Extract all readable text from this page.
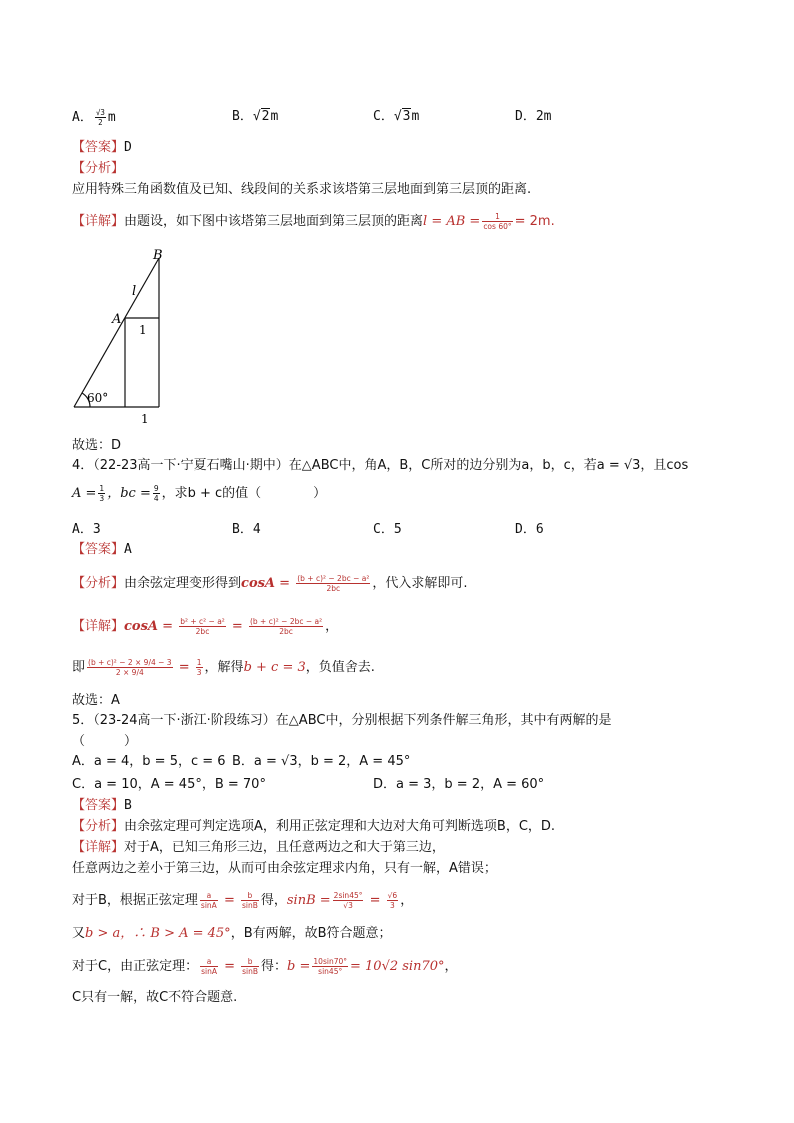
A． $\frac{√3}{2}$ m	B．√2m	C．√3m	D．2m
【答案】D
【分析】
应用特殊三角函数值及已知、线段间的关系求该塔第三层地面到第三层顶的距离.
【详解】由题设，如下图中该塔第三层地面到第三层顶的距离l = AB = $\frac{1}{\cos 60^\circ} = 2m$.
B
A
l
1
1
60°
故选：D
4．（22-23高一下·宁夏石嘴山·期中）在△ABC中，角A，B，C所对的边分别为a，b，c，若a = √3，且cos
$A = \frac{1}{3}$ ，bc = $\frac{9}{4}$ ，求b + c的值（　　　　）
A．3	B．4	C．5	D．6
【答案】A
【分析】由余弦定理变形得到$\cos A = \frac{\text{(b + c)² − 2bc − a²}}{2bc}$ ，代入求解即可.
【详解】$\cos A = \frac{\text{b² + c² − a²}}{2bc} = \frac{\text{(b + c)² − 2bc − a²}}{2bc}$ ，
即 $\frac{\text{(b + c)² − 2 × 9/4 − 3}}{2 \times 9/4} = \frac{1}{3}$ ，解得b + c = 3，负值舍去.
故选：A
5．（23-24高一下·浙江·阶段练习）在△ABC中，分别根据下列条件解三角形，其中有两解的是
（　　　）
A．a = 4，b = 5，c = 6 B．a = √3，b = 2，A = 45°
C．a = 10，A = 45°，B = 70°	D．a = 3，b = 2，A = 60°
【答案】B
【分析】由余弦定理可判定选项A，利用正弦定理和大边对大角可判断选项B，C，D.
【详解】对于A，已知三角形三边，且任意两边之和大于第三边，
任意两边之差小于第三边，从而可由余弦定理求内角，只有一解，A错误；
对于B，根据正弦定理 $\frac{a}{\sin A} = \frac{b}{\sin B}$ 得，$\sin B = \frac{2\sin 45^\circ}{√3} = \frac{√6}{3}$ ，
又b > a，∴ B > A = 45°，B有两解，故B符合题意；
对于C，由正弦定理： $\frac{a}{\sin A} = \frac{b}{\sin B}$ 得：$b = \frac{10\sin 70^\circ}{\sin 45^\circ} = 10√2$ sin70°，
C只有一解，故C不符合题意.
